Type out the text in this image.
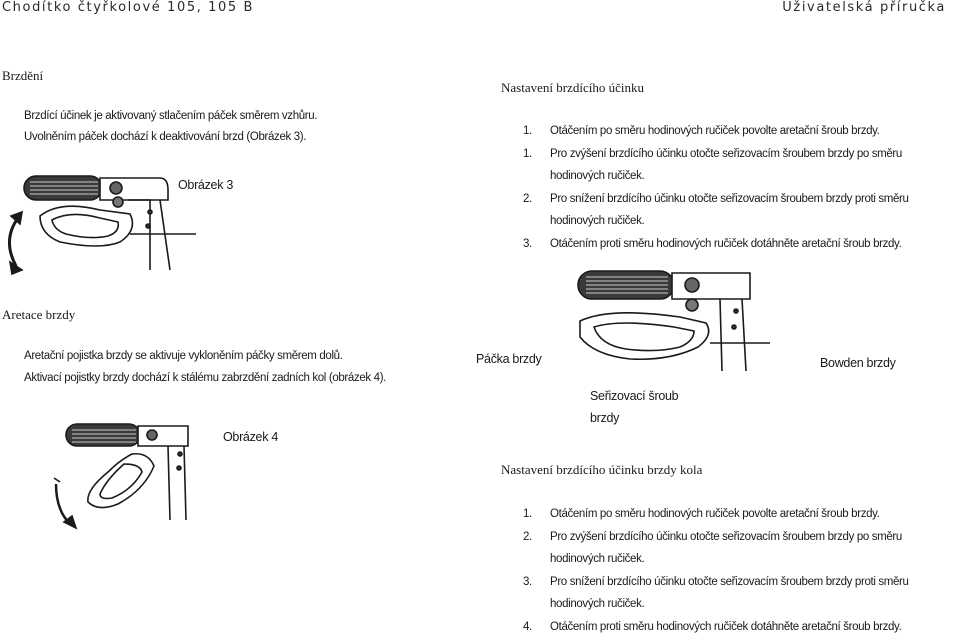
Chodítko čtyřkolové 105, 105 B	Uživatelská příručka
Brzdění
Brzdící účinek je aktivovaný stlačením páček směrem vzhůru.
Uvolněním páček dochází k deaktivování brzd (Obrázek 3).
Obrázek 3
Nastavení brzdícího účinku
1. Otáčením po směru hodinových ručiček povolte aretační šroub brzdy.
1. Pro zvýšení brzdícího účinku otočte seřizovacím šroubem brzdy po směru
hodinových ručiček.
2. Pro snížení brzdícího účinku otočte seřizovacím šroubem brzdy proti směru
hodinových ručiček.
3. Otáčením proti směru hodinových ručiček dotáhněte aretační šroub brzdy.
Aretace brzdy
Aretační pojistka brzdy se aktivuje vykloněním páčky směrem dolů.
Aktivací pojistky brzdy dochází k stálému zabrzdění zadních kol (obrázek 4).
Obrázek 4
Páčka brzdy	Bowden brzdy
Seřizovací šroub
brzdy
Nastavení brzdícího účinku brzdy kola
1. Otáčením po směru hodinových ručiček povolte aretační šroub brzdy.
2. Pro zvýšení brzdícího účinku otočte seřizovacím šroubem brzdy po směru
hodinových ručiček.
3. Pro snížení brzdícího účinku otočte seřizovacím šroubem brzdy proti směru
hodinových ručiček.
4. Otáčením proti směru hodinových ručiček dotáhněte aretační šroub brzdy.
